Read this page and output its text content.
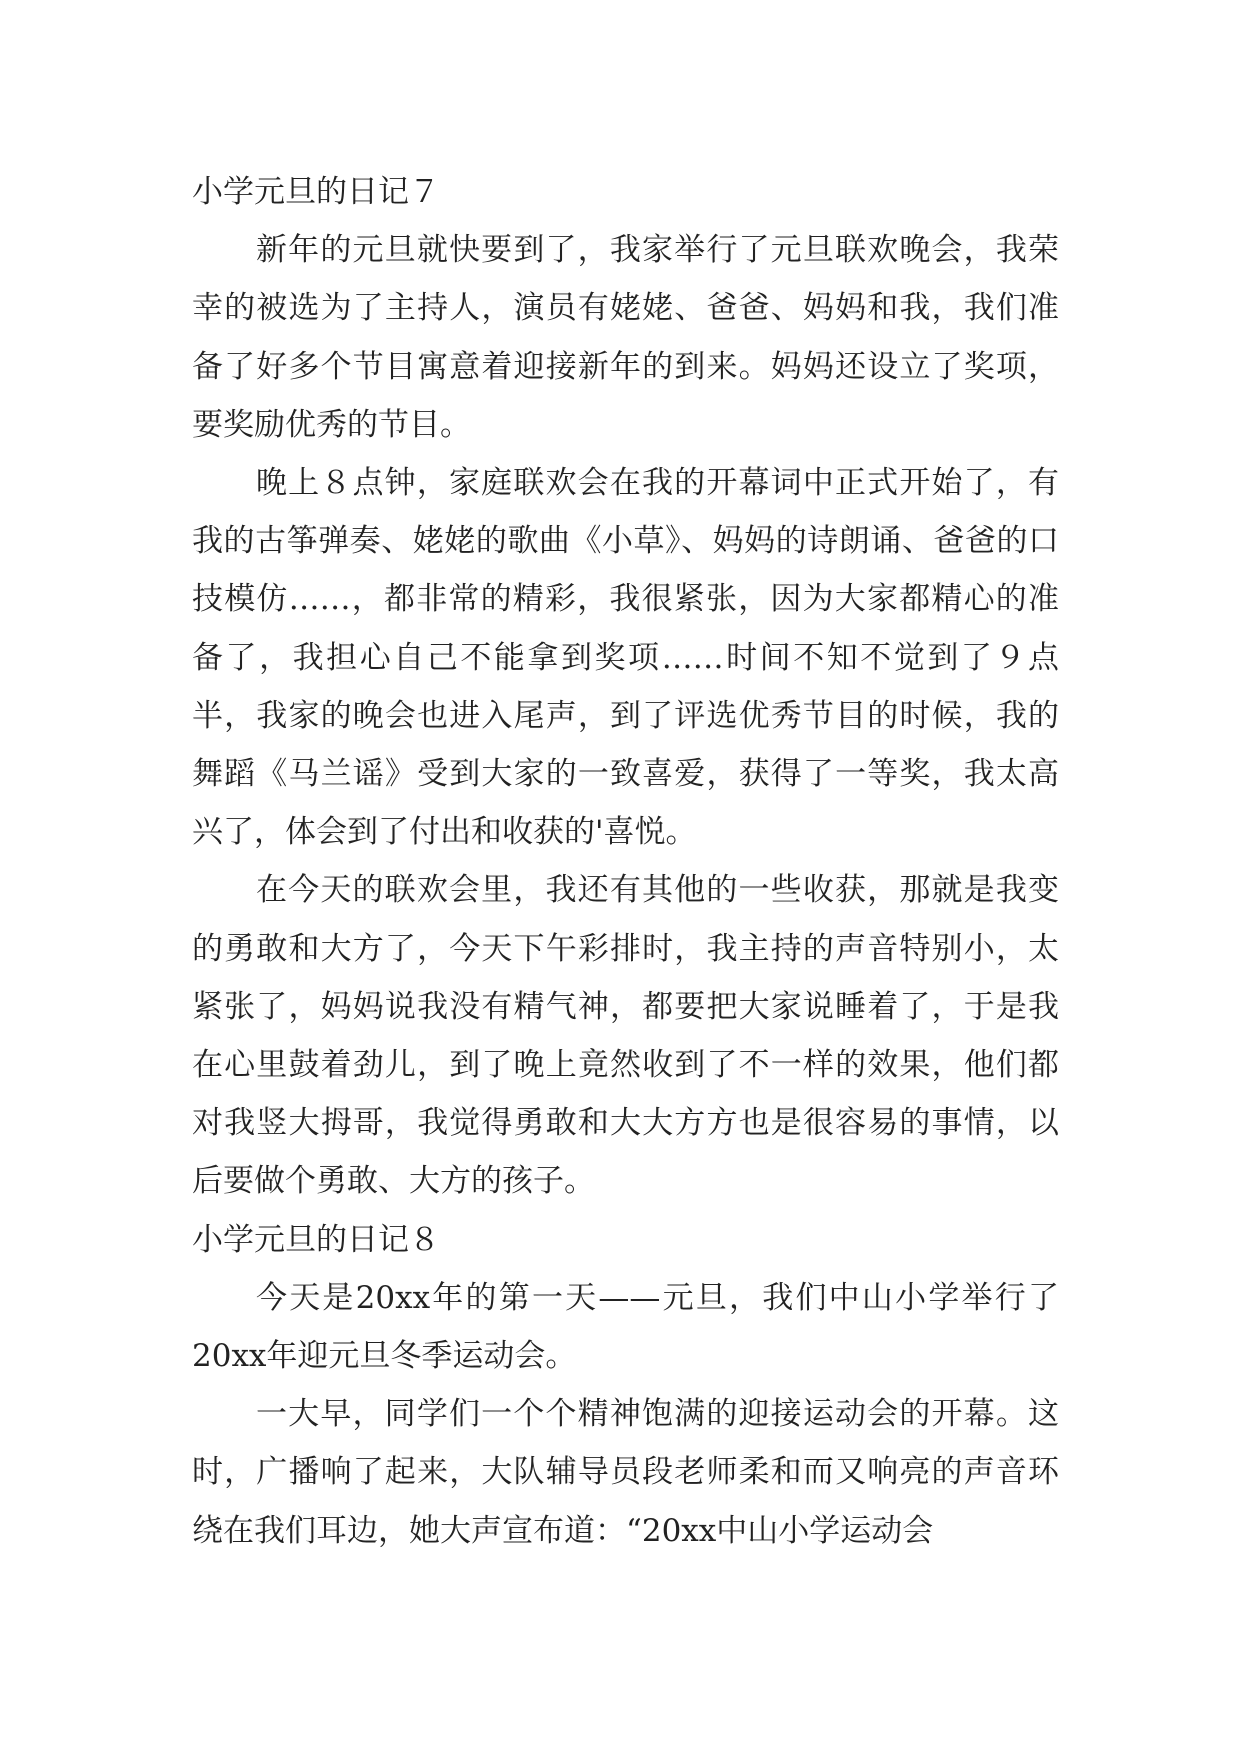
小学元旦的日记７

新年的元旦就快要到了，我家举行了元旦联欢晚会，我荣幸的被选为了主持人，演员有姥姥、爸爸、妈妈和我，我们准备了好多个节目寓意着迎接新年的到来。妈妈还设立了奖项，要奖励优秀的节目。

晚上８点钟，家庭联欢会在我的开幕词中正式开始了，有我的古筝弹奏、姥姥的歌曲《小草》、妈妈的诗朗诵、爸爸的口技模仿……，都非常的精彩，我很紧张，因为大家都精心的准备了，我担心自己不能拿到奖项……时间不知不觉到了９点半，我家的晚会也进入尾声，到了评选优秀节目的时候，我的舞蹈《马兰谣》受到大家的一致喜爱，获得了一等奖，我太高兴了，体会到了付出和收获的'喜悦。

在今天的联欢会里，我还有其他的一些收获，那就是我变的勇敢和大方了，今天下午彩排时，我主持的声音特别小，太紧张了，妈妈说我没有精气神，都要把大家说睡着了，于是我在心里鼓着劲儿，到了晚上竟然收到了不一样的效果，他们都对我竖大拇哥，我觉得勇敢和大大方方也是很容易的事情，以后要做个勇敢、大方的孩子。

小学元旦的日记８

今天是20xx年的第一天——元旦，我们中山小学举行了20xx年迎元旦冬季运动会。

一大早，同学们一个个精神饱满的迎接运动会的开幕。这时，广播响了起来，大队辅导员段老师柔和而又响亮的声音环绕在我们耳边，她大声宣布道：“20xx中山小学运动会
